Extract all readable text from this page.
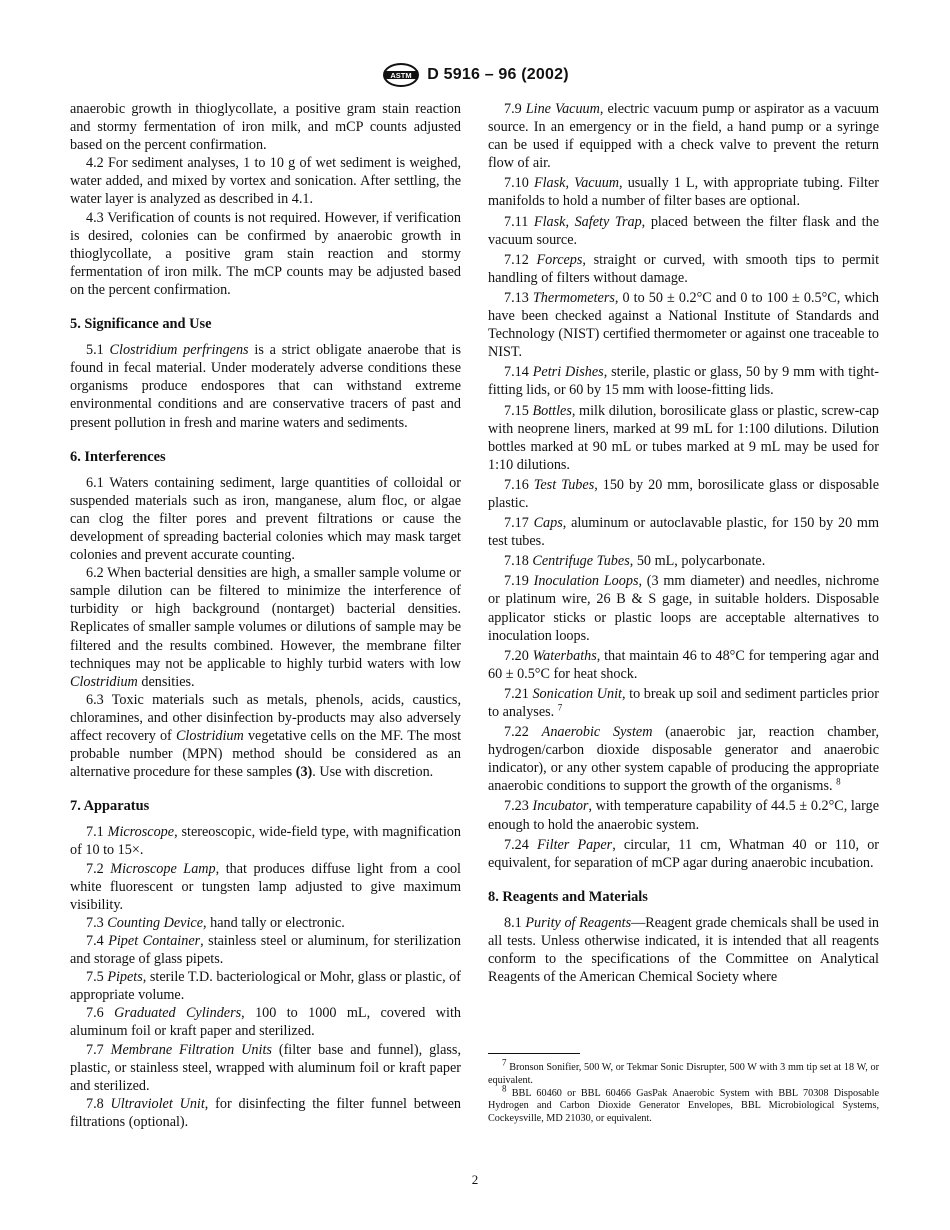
ASTM D 5916 – 96 (2002)

anaerobic growth in thioglycollate, a positive gram stain reaction and stormy fermentation of iron milk, and mCP counts adjusted based on the percent confirmation.

4.2 For sediment analyses, 1 to 10 g of wet sediment is weighed, water added, and mixed by vortex and sonication. After settling, the water layer is analyzed as described in 4.1.

4.3 Verification of counts is not required. However, if verification is desired, colonies can be confirmed by anaerobic growth in thioglycollate, a positive gram stain reaction and stormy fermentation of iron milk. The mCP counts may be adjusted based on the percent confirmation.

5. Significance and Use

5.1 Clostridium perfringens is a strict obligate anaerobe that is found in fecal material. Under moderately adverse conditions these organisms produce endospores that can withstand extreme environmental conditions and are conservative tracers of past and present pollution in fresh and marine waters and sediments.

6. Interferences

6.1 Waters containing sediment, large quantities of colloidal or suspended materials such as iron, manganese, alum floc, or algae can clog the filter pores and prevent filtrations or cause the development of spreading bacterial colonies which may mask target colonies and prevent accurate counting.

6.2 When bacterial densities are high, a smaller sample volume or sample dilution can be filtered to minimize the interference of turbidity or high background (nontarget) bacterial densities. Replicates of smaller sample volumes or dilutions of sample may be filtered and the results combined. However, the membrane filter techniques may not be applicable to highly turbid waters with low Clostridium densities.

6.3 Toxic materials such as metals, phenols, acids, caustics, chloramines, and other disinfection by-products may also adversely affect recovery of Clostridium vegetative cells on the MF. The most probable number (MPN) method should be considered as an alternative procedure for these samples (3). Use with discretion.

7. Apparatus

7.1 Microscope, stereoscopic, wide-field type, with magnification of 10 to 15×.

7.2 Microscope Lamp, that produces diffuse light from a cool white fluorescent or tungsten lamp adjusted to give maximum visibility.

7.3 Counting Device, hand tally or electronic.

7.4 Pipet Container, stainless steel or aluminum, for sterilization and storage of glass pipets.

7.5 Pipets, sterile T.D. bacteriological or Mohr, glass or plastic, of appropriate volume.

7.6 Graduated Cylinders, 100 to 1000 mL, covered with aluminum foil or kraft paper and sterilized.

7.7 Membrane Filtration Units (filter base and funnel), glass, plastic, or stainless steel, wrapped with aluminum foil or kraft paper and sterilized.

7.8 Ultraviolet Unit, for disinfecting the filter funnel between filtrations (optional).

7.9 Line Vacuum, electric vacuum pump or aspirator as a vacuum source. In an emergency or in the field, a hand pump or a syringe can be used if equipped with a check valve to prevent the return flow of air.

7.10 Flask, Vacuum, usually 1 L, with appropriate tubing. Filter manifolds to hold a number of filter bases are optional.

7.11 Flask, Safety Trap, placed between the filter flask and the vacuum source.

7.12 Forceps, straight or curved, with smooth tips to permit handling of filters without damage.

7.13 Thermometers, 0 to 50 ± 0.2°C and 0 to 100 ± 0.5°C, which have been checked against a National Institute of Standards and Technology (NIST) certified thermometer or against one traceable to NIST.

7.14 Petri Dishes, sterile, plastic or glass, 50 by 9 mm with tight-fitting lids, or 60 by 15 mm with loose-fitting lids.

7.15 Bottles, milk dilution, borosilicate glass or plastic, screw-cap with neoprene liners, marked at 99 mL for 1:100 dilutions. Dilution bottles marked at 90 mL or tubes marked at 9 mL may be used for 1:10 dilutions.

7.16 Test Tubes, 150 by 20 mm, borosilicate glass or disposable plastic.

7.17 Caps, aluminum or autoclavable plastic, for 150 by 20 mm test tubes.

7.18 Centrifuge Tubes, 50 mL, polycarbonate.

7.19 Inoculation Loops, (3 mm diameter) and needles, nichrome or platinum wire, 26 B & S gage, in suitable holders. Disposable applicator sticks or plastic loops are acceptable alternatives to inoculation loops.

7.20 Waterbaths, that maintain 46 to 48°C for tempering agar and 60 ± 0.5°C for heat shock.

7.21 Sonication Unit, to break up soil and sediment particles prior to analyses. $^7$

7.22 Anaerobic System (anaerobic jar, reaction chamber, hydrogen/carbon dioxide disposable generator and anaerobic indicator), or any other system capable of producing the appropriate anaerobic conditions to support the growth of the organisms. $^8$

7.23 Incubator, with temperature capability of 44.5 ± 0.2°C, large enough to hold the anaerobic system.

7.24 Filter Paper, circular, 11 cm, Whatman 40 or 110, or equivalent, for separation of mCP agar during anaerobic incubation.

8. Reagents and Materials

8.1 Purity of Reagents—Reagent grade chemicals shall be used in all tests. Unless otherwise indicated, it is intended that all reagents conform to the specifications of the Committee on Analytical Reagents of the American Chemical Society where

$^7$ Bronson Sonifier, 500 W, or Tekmar Sonic Disrupter, 500 W with 3 mm tip set at 18 W, or equivalent.
$^8$ BBL 60460 or BBL 60466 GasPak Anaerobic System with BBL 70308 Disposable Hydrogen and Carbon Dioxide Generator Envelopes, BBL Microbiological Systems, Cockeysville, MD 21030, or equivalent.
2
